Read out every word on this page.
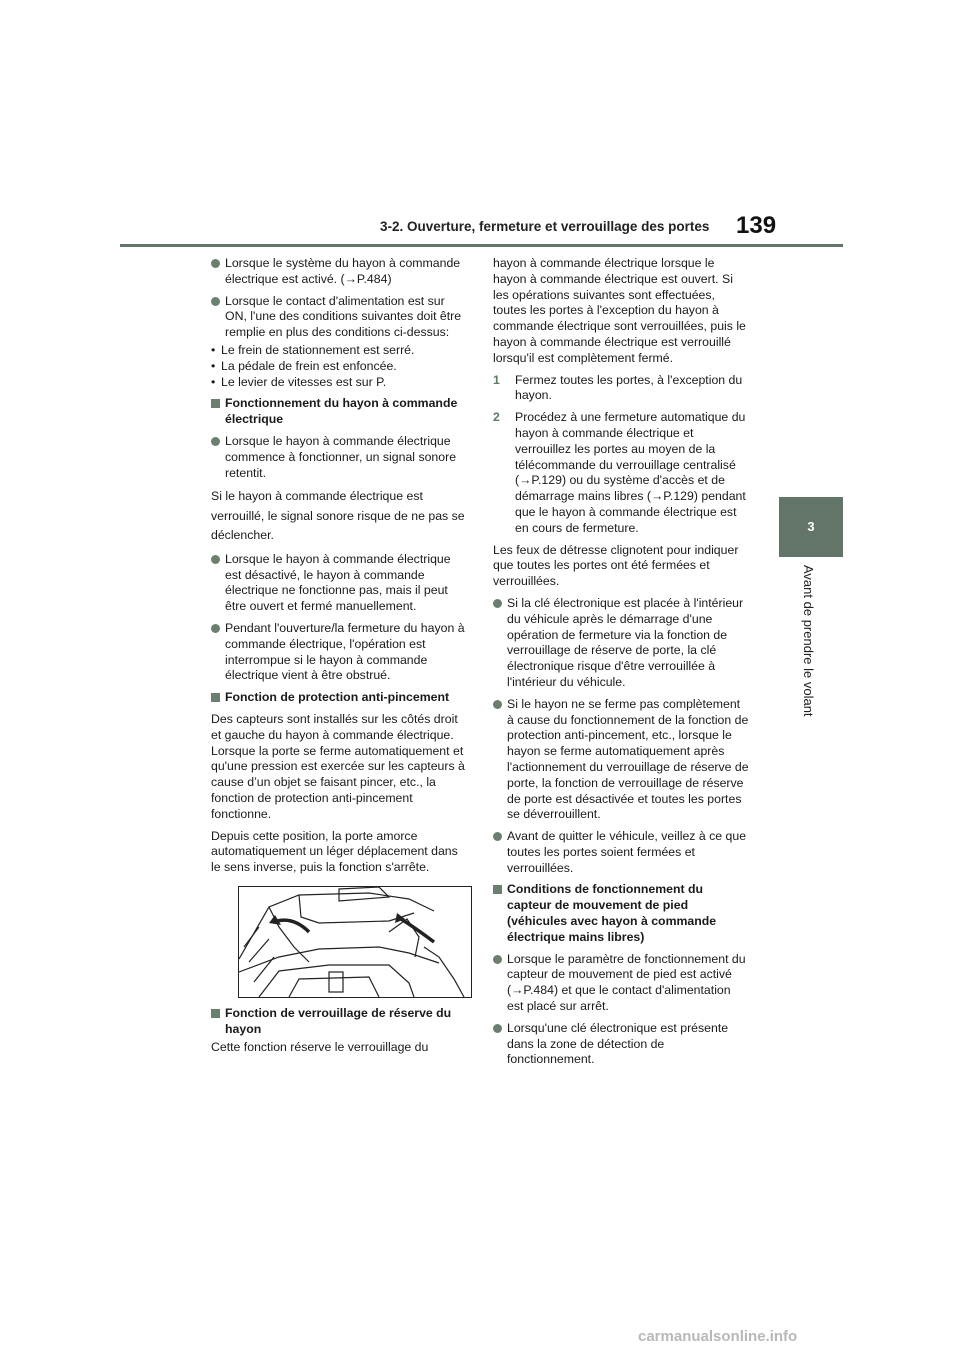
3-2. Ouverture, fermeture et verrouillage des portes 139
3
Avant de prendre le volant
Lorsque le système du hayon à commande électrique est activé. (→P.484)
Lorsque le contact d'alimentation est sur ON, l'une des conditions suivantes doit être remplie en plus des conditions ci-dessus:
• Le frein de stationnement est serré.
• La pédale de frein est enfoncée.
• Le levier de vitesses est sur P.
Fonctionnement du hayon à commande électrique
Lorsque le hayon à commande électrique commence à fonctionner, un signal sonore retentit.
Si le hayon à commande électrique est verrouillé, le signal sonore risque de ne pas se déclencher.
Lorsque le hayon à commande électrique est désactivé, le hayon à commande électrique ne fonctionne pas, mais il peut être ouvert et fermé manuellement.
Pendant l'ouverture/la fermeture du hayon à commande électrique, l'opération est interrompue si le hayon à commande électrique vient à être obstrué.
Fonction de protection anti-pincement
Des capteurs sont installés sur les côtés droit et gauche du hayon à commande électrique. Lorsque la porte se ferme automatiquement et qu'une pression est exercée sur les capteurs à cause d’un objet se faisant pincer, etc., la fonction de protection anti-pincement fonctionne.
Depuis cette position, la porte amorce automatiquement un léger déplacement dans le sens inverse, puis la fonction s'arrête.
Fonction de verrouillage de réserve du hayon
Cette fonction réserve le verrouillage du
hayon à commande électrique lorsque le hayon à commande électrique est ouvert. Si les opérations suivantes sont effectuées, toutes les portes à l'exception du hayon à commande électrique sont verrouillées, puis le hayon à commande électrique est verrouillé lorsqu'il est complètement fermé.
1 Fermez toutes les portes, à l'exception du hayon.
2 Procédez à une fermeture automatique du hayon à commande électrique et verrouillez les portes au moyen de la télécommande du verrouillage centralisé (→P.129) ou du système d'accès et de démarrage mains libres (→P.129) pendant que le hayon à commande électrique est en cours de fermeture.
Les feux de détresse clignotent pour indiquer que toutes les portes ont été fermées et verrouillées.
Si la clé électronique est placée à l'intérieur du véhicule après le démarrage d'une opération de fermeture via la fonction de verrouillage de réserve de porte, la clé électronique risque d'être verrouillée à l'intérieur du véhicule.
Si le hayon ne se ferme pas complètement à cause du fonctionnement de la fonction de protection anti-pincement, etc., lorsque le hayon se ferme automatiquement après l'actionnement du verrouillage de réserve de porte, la fonction de verrouillage de réserve de porte est désactivée et toutes les portes se déverrouillent.
Avant de quitter le véhicule, veillez à ce que toutes les portes soient fermées et verrouillées.
Conditions de fonctionnement du capteur de mouvement de pied (véhicules avec hayon à commande électrique mains libres)
Lorsque le paramètre de fonctionnement du capteur de mouvement de pied est activé (→P.484) et que le contact d'alimentation est placé sur arrêt.
Lorsqu'une clé électronique est présente dans la zone de détection de fonctionnement.
carmanualsonline.info
